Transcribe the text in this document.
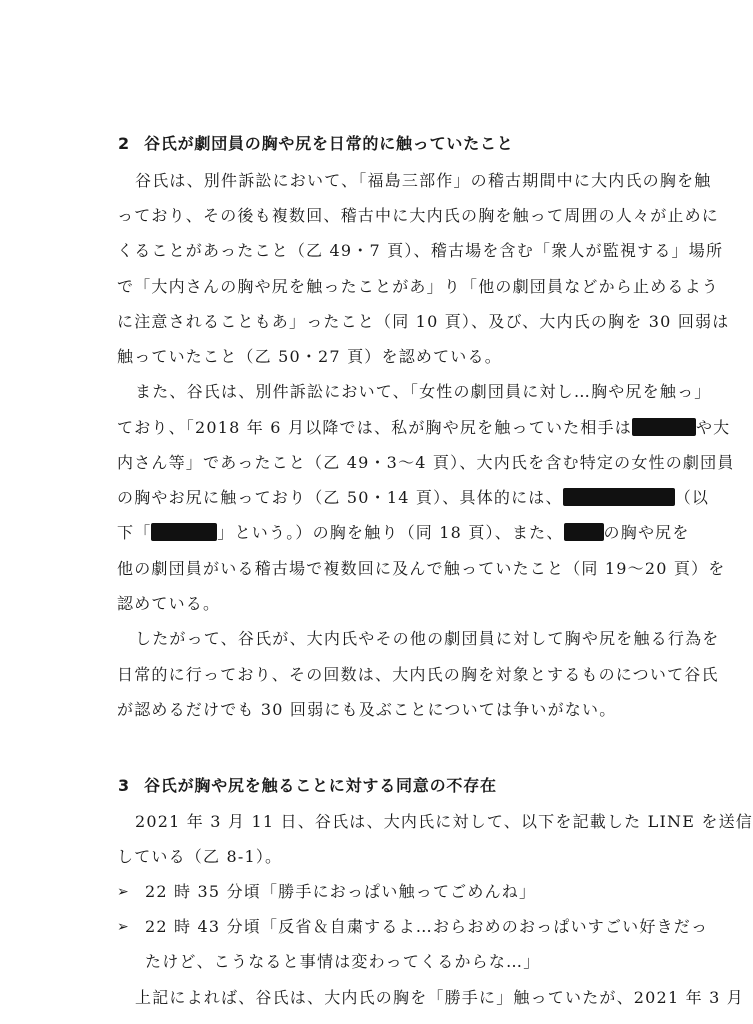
2 谷氏が劇団員の胸や尻を日常的に触っていたこと
谷氏は、別件訴訟において、「福島三部作」の稽古期間中に大内氏の胸を触
っており、その後も複数回、稽古中に大内氏の胸を触って周囲の人々が止めに
くることがあったこと（乙 49・7 頁）、稽古場を含む「衆人が監視する」場所
で「大内さんの胸や尻を触ったことがあ」り「他の劇団員などから止めるよう
に注意されることもあ」ったこと（同 10 頁）、及び、大内氏の胸を 30 回弱は
触っていたこと（乙 50・27 頁）を認めている。
また、谷氏は、別件訴訟において、「女性の劇団員に対し…胸や尻を触っ」
ており、「2018 年 6 月以降では、私が胸や尻を触っていた相手は	や大
内さん等」であったこと（乙 49・3～4 頁）、大内氏を含む特定の女性の劇団員
の胸やお尻に触っており（乙 50・14 頁）、具体的には、	（以
下「	」という。）の胸を触り（同 18 頁）、また、	の胸や尻を
他の劇団員がいる稽古場で複数回に及んで触っていたこと（同 19～20 頁）を
認めている。
したがって、谷氏が、大内氏やその他の劇団員に対して胸や尻を触る行為を
日常的に行っており、その回数は、大内氏の胸を対象とするものについて谷氏
が認めるだけでも 30 回弱にも及ぶことについては争いがない。
3 谷氏が胸や尻を触ることに対する同意の不存在
2021 年 3 月 11 日、谷氏は、大内氏に対して、以下を記載した LINE を送信
している（乙 8-1）。
➢ 22 時 35 分頃「勝手におっぱい触ってごめんね」
➢ 22 時 43 分頃「反省＆自粛するよ…おらおめのおっぱいすごい好きだっ
たけど、こうなると事情は変わってくるからな…」
上記によれば、谷氏は、大内氏の胸を「勝手に」触っていたが、2021 年 3 月
